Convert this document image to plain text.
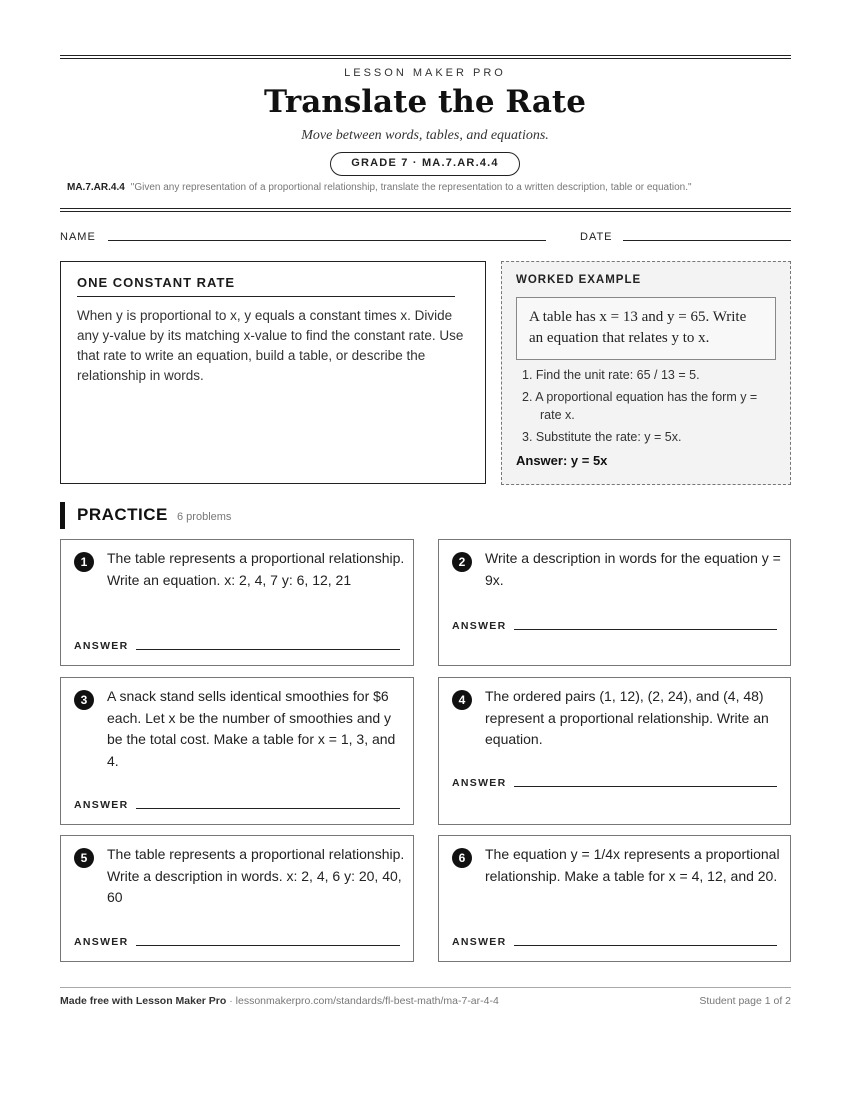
LESSON MAKER PRO
Translate the Rate
Move between words, tables, and equations.
GRADE 7 · MA.7.AR.4.4
MA.7.AR.4.4 "Given any representation of a proportional relationship, translate the representation to a written description, table or equation."
NAME	DATE
ONE CONSTANT RATE
When y is proportional to x, y equals a constant times x. Divide any y-value by its matching x-value to find the constant rate. Use that rate to write an equation, build a table, or describe the relationship in words.
WORKED EXAMPLE
A table has x = 13 and y = 65. Write an equation that relates y to x.
1. Find the unit rate: 65 / 13 = 5.
2. A proportional equation has the form y = rate x.
3. Substitute the rate: y = 5x.
Answer: y = 5x
PRACTICE 6 problems
1	The table represents a proportional relationship. Write an equation. x: 2, 4, 7 y: 6, 12, 21
ANSWER
2	Write a description in words for the equation y = 9x.
ANSWER
3	A snack stand sells identical smoothies for $6 each. Let x be the number of smoothies and y be the total cost. Make a table for x = 1, 3, and 4.
ANSWER
4	The ordered pairs (1, 12), (2, 24), and (4, 48) represent a proportional relationship. Write an equation.
ANSWER
5	The table represents a proportional relationship. Write a description in words. x: 2, 4, 6 y: 20, 40, 60
ANSWER
6	The equation y = 1/4x represents a proportional relationship. Make a table for x = 4, 12, and 20.
ANSWER
Made free with Lesson Maker Pro · lessonmakerpro.com/standards/fl-best-math/ma-7-ar-4-4	Student page 1 of 2
